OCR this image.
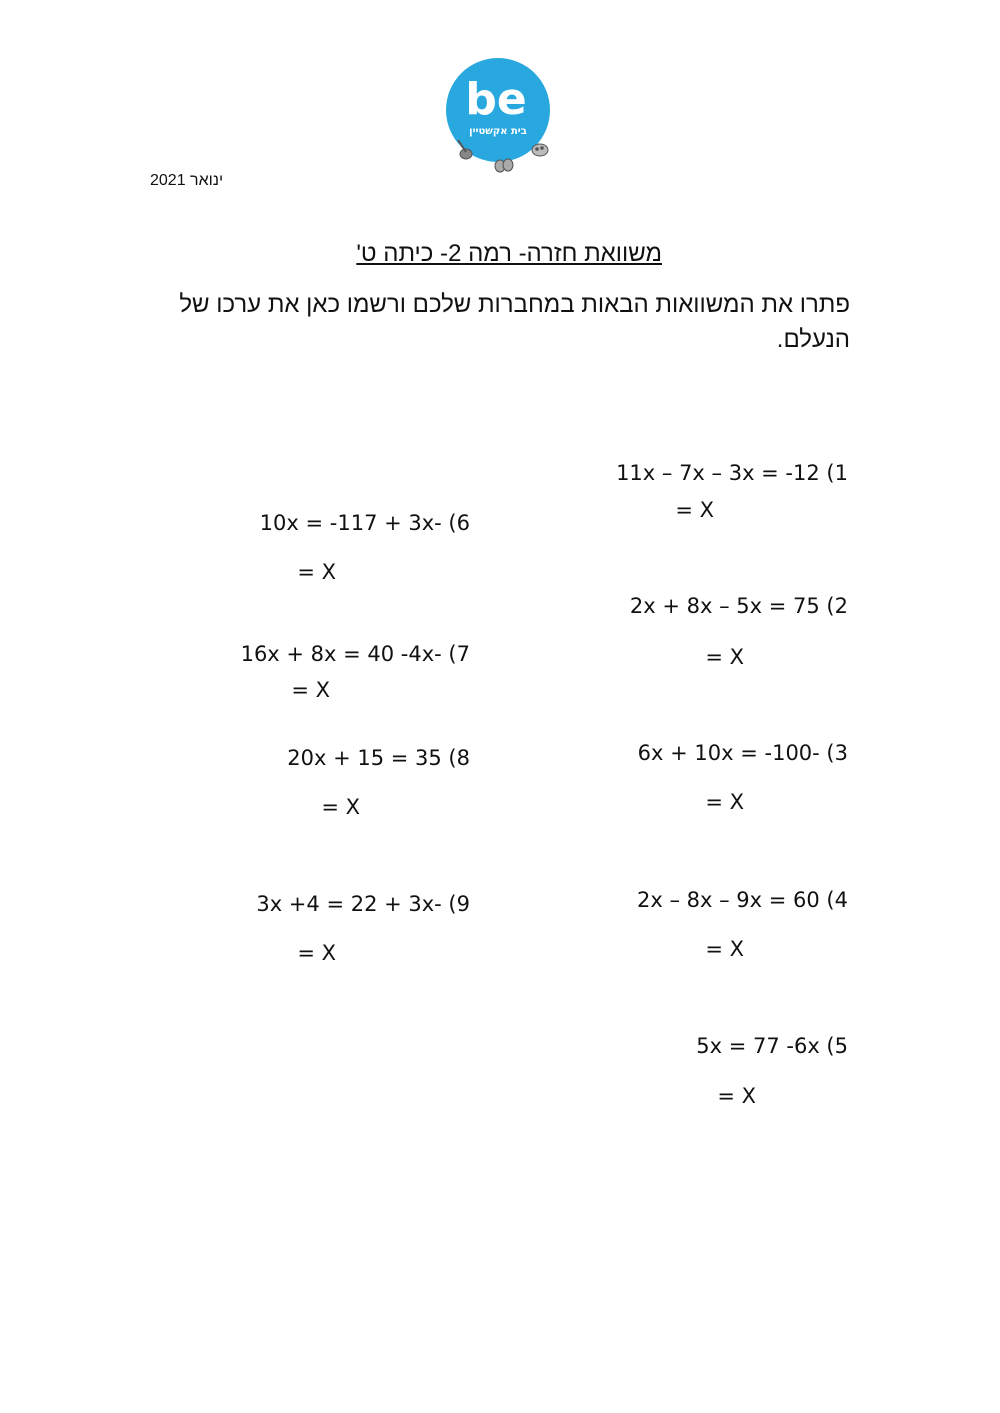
be
בית אקשטיין
ינואר 2021
משוואת חזרה- רמה 2- כיתה ט'
פתרו את המשוואות הבאות במחברות שלכם ורשמו כאן את ערכו של הנעלם.
1) 11x – 7x – 3x = -12
X =
2) 2x + 8x – 5x = 75
X =
3) -6x + 10x = -100
X =
4) 2x – 8x – 9x = 60
X =
5) 5x = 77 -6x
X =
6) -10x = -117 + 3x
X =
7) -16x + 8x = 40 -4x
X =
8) 20x + 15 = 35
X =
9) -3x +4 = 22 + 3x
X =
